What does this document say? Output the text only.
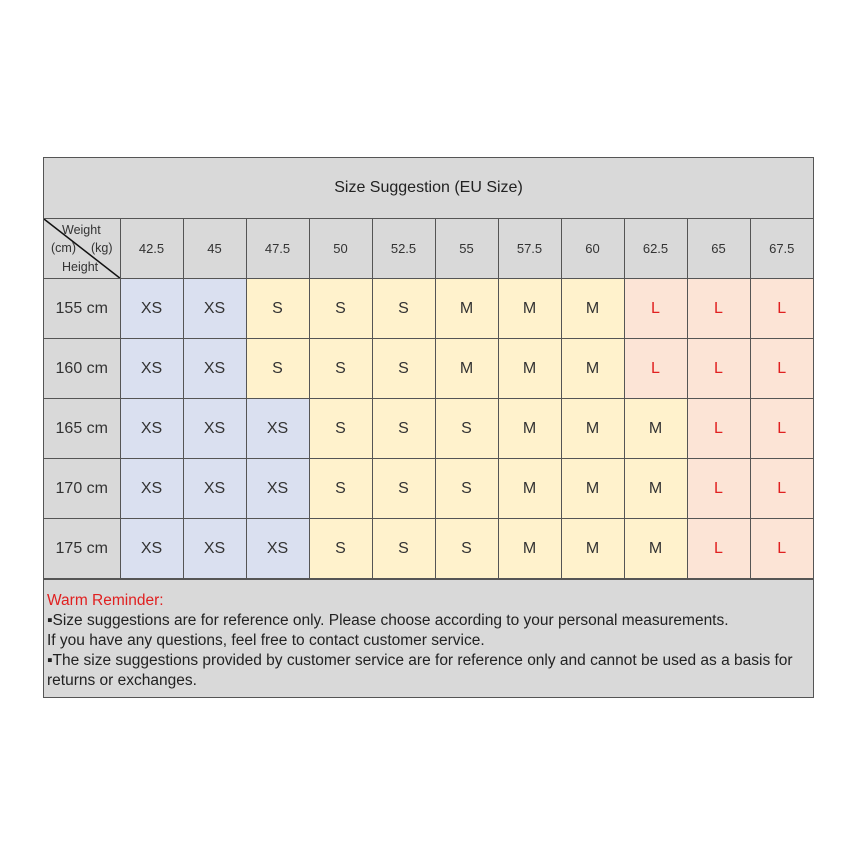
Size Suggestion (EU Size)
Weight
(cm) (kg)
Height	42.5	45	47.5	50	52.5	55	57.5	60	62.5	65	67.5
155 cm	XS	XS	S	S	S	M	M	M	L	L	L
160 cm	XS	XS	S	S	S	M	M	M	L	L	L
165 cm	XS	XS	XS	S	S	S	M	M	M	L	L
170 cm	XS	XS	XS	S	S	S	M	M	M	L	L
175 cm	XS	XS	XS	S	S	S	M	M	M	L	L

Warm Reminder:

▪Size suggestions are for reference only. Please choose according to your personal measurements.

If you have any questions, feel free to contact customer service.

▪The size suggestions provided by customer service are for reference only and cannot be used as a basis for returns or exchanges.
